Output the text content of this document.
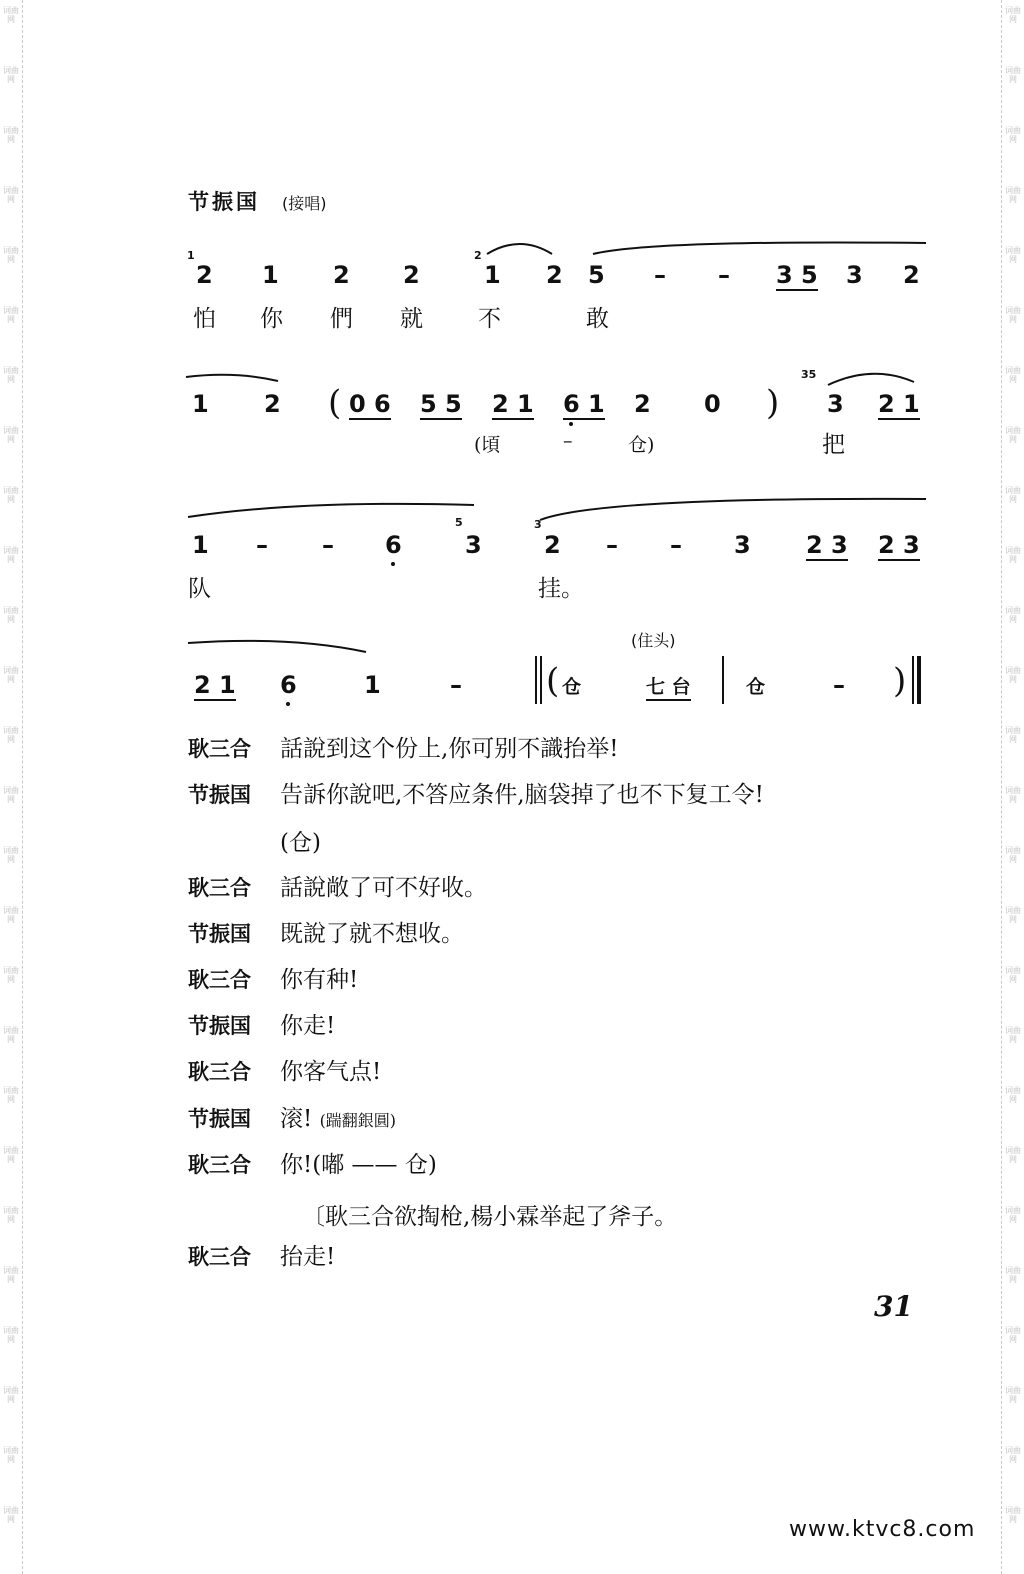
词曲网
词曲网
词曲网
词曲网
词曲网
词曲网
词曲网
词曲网
词曲网
词曲网
词曲网
词曲网
词曲网
词曲网
词曲网
词曲网
词曲网
词曲网
词曲网
词曲网
词曲网
词曲网
词曲网
词曲网
词曲网
词曲网
词曲网
词曲网
词曲网
词曲网
词曲网
词曲网
词曲网
词曲网
词曲网
词曲网
词曲网
词曲网
词曲网
词曲网
词曲网
词曲网
词曲网
词曲网
词曲网
词曲网
词曲网
词曲网
词曲网
词曲网
词曲网
词曲网
节振国 (接唱)
1	2
35
5	3
2 1 2 2	1 2 5 – – 3 5 3 2
怕 你 們 就 不	敢
1 2 ( 0 6 5 5 2 1 6 1 2 0 ) 3 2 1
(頃	–	仓)	把
1 – – 6	3	2 – – 3 2 3 2 3
队	挂。
(住头)
2 1 6	1	– ( 仓	七 台	仓	– )
耿三合 話說到这个份上,你可别不識抬举!
节振国 告訴你說吧,不答应条件,脑袋掉了也不下复工令!
(仓)
耿三合 話說敞了可不好收。
节振国 既說了就不想收。
耿三合 你有种!
节振国 你走!
耿三合 你客气点!
节振国 滚! (踹翻銀圓)
耿三合 你!(嘟 —— 仓)
〔耿三合欲掏枪,楊小霖举起了斧子。
耿三合 抬走!
31
www.ktvc8.com
